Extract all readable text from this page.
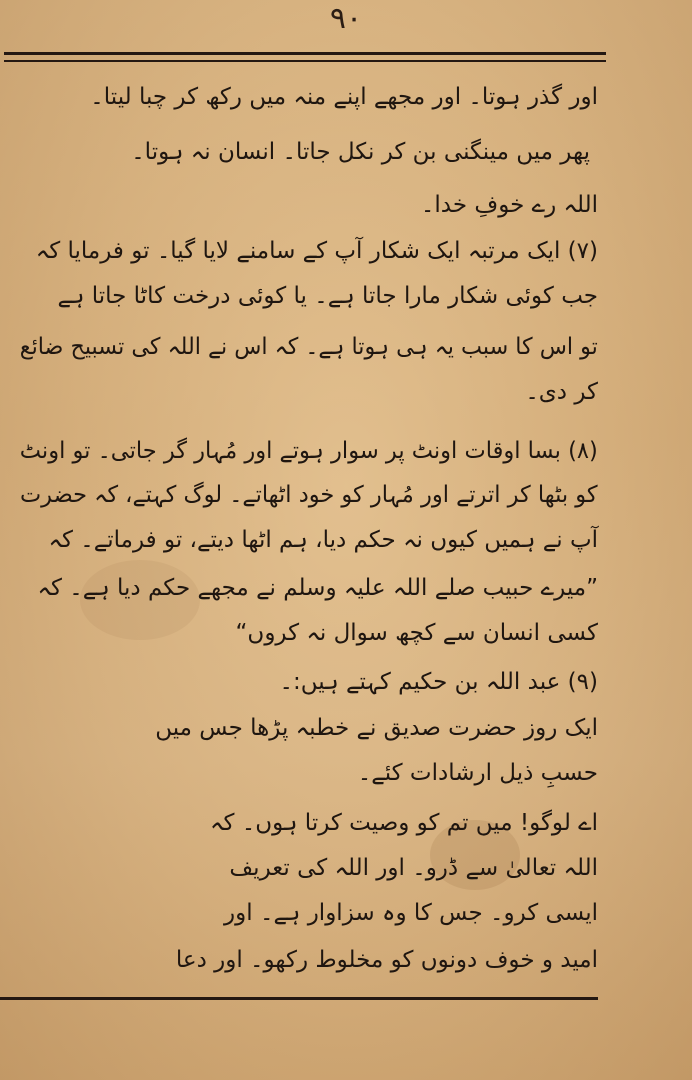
۹۰
اور گذر ہوتا۔ اور مجھے اپنے منہ میں رکھ کر چبا لیتا۔
پھر میں مینگنی بن کر نکل جاتا۔ انسان نہ ہوتا۔
اللہ رے خوفِ خدا۔
(۷) ایک مرتبہ ایک شکار آپ کے سامنے لایا گیا۔ تو فرمایا کہ
جب کوئی شکار مارا جاتا ہے۔ یا کوئی درخت کاٹا جاتا ہے
تو اس کا سبب یہ ہی ہوتا ہے۔ کہ اس نے اللہ کی تسبیح ضائع
کر دی۔
(۸) بسا اوقات اونٹ پر سوار ہوتے اور مُہار گر جاتی۔ تو اونٹ
کو بٹھا کر اترتے اور مُہار کو خود اٹھاتے۔ لوگ کہتے، کہ حضرت
آپ نے ہمیں کیوں نہ حکم دیا، ہم اٹھا دیتے، تو فرماتے۔ کہ
”میرے حبیب صلے اللہ علیہ وسلم نے مجھے حکم دیا ہے۔ کہ
کسی انسان سے کچھ سوال نہ کروں“
(۹) عبد اللہ بن حکیم کہتے ہیں:۔
ایک روز حضرت صدیق نے خطبہ پڑھا جس میں
حسبِ ذیل ارشادات کئے۔
اے لوگو! میں تم کو وصیت کرتا ہوں۔ کہ
اللہ تعالیٰ سے ڈرو۔ اور اللہ کی تعریف
ایسی کرو۔ جس کا وہ سزاوار ہے۔ اور
امید و خوف دونوں کو مخلوط رکھو۔ اور دعا
